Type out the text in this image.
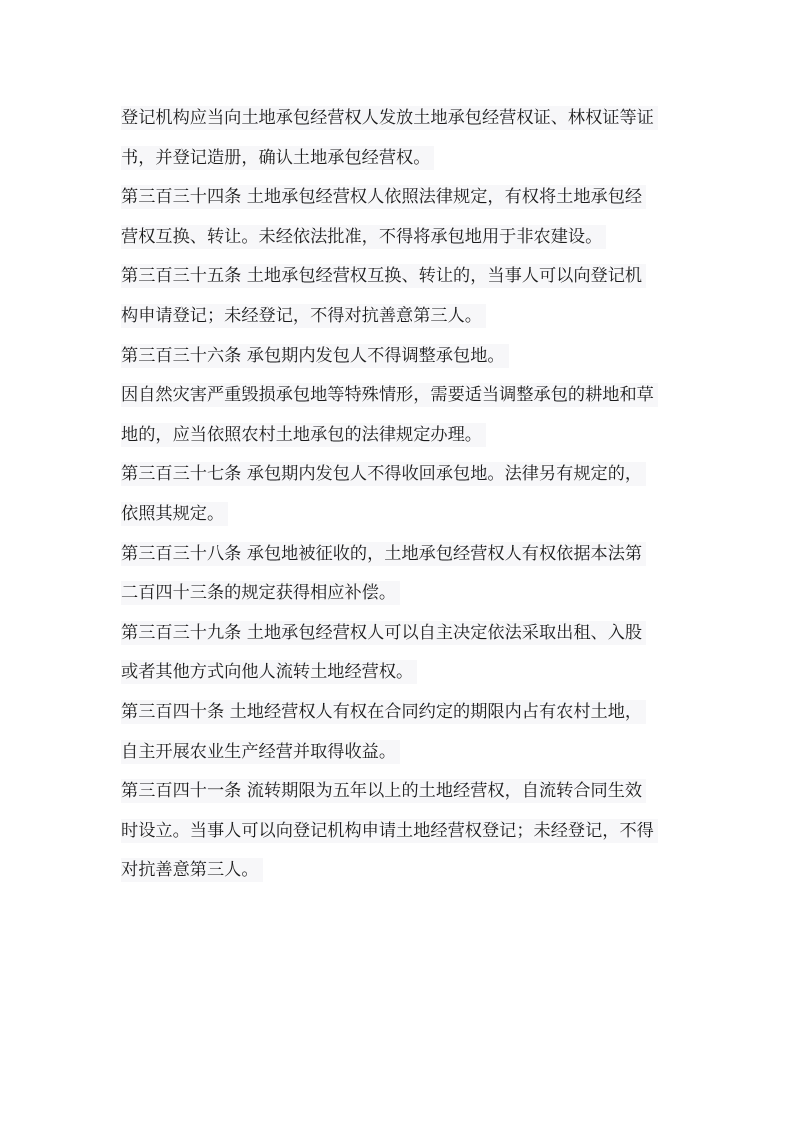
登记机构应当向土地承包经营权人发放土地承包经营权证、林权证等证
书，并登记造册，确认土地承包经营权。
第三百三十四条 土地承包经营权人依照法律规定，有权将土地承包经
营权互换、转让。未经依法批准，不得将承包地用于非农建设。
第三百三十五条 土地承包经营权互换、转让的，当事人可以向登记机
构申请登记；未经登记，不得对抗善意第三人。
第三百三十六条 承包期内发包人不得调整承包地。
因自然灾害严重毁损承包地等特殊情形，需要适当调整承包的耕地和草
地的，应当依照农村土地承包的法律规定办理。
第三百三十七条 承包期内发包人不得收回承包地。法律另有规定的，
依照其规定。
第三百三十八条 承包地被征收的，土地承包经营权人有权依据本法第
二百四十三条的规定获得相应补偿。
第三百三十九条 土地承包经营权人可以自主决定依法采取出租、入股
或者其他方式向他人流转土地经营权。
第三百四十条 土地经营权人有权在合同约定的期限内占有农村土地，
自主开展农业生产经营并取得收益。
第三百四十一条 流转期限为五年以上的土地经营权，自流转合同生效
时设立。当事人可以向登记机构申请土地经营权登记；未经登记，不得
对抗善意第三人。
